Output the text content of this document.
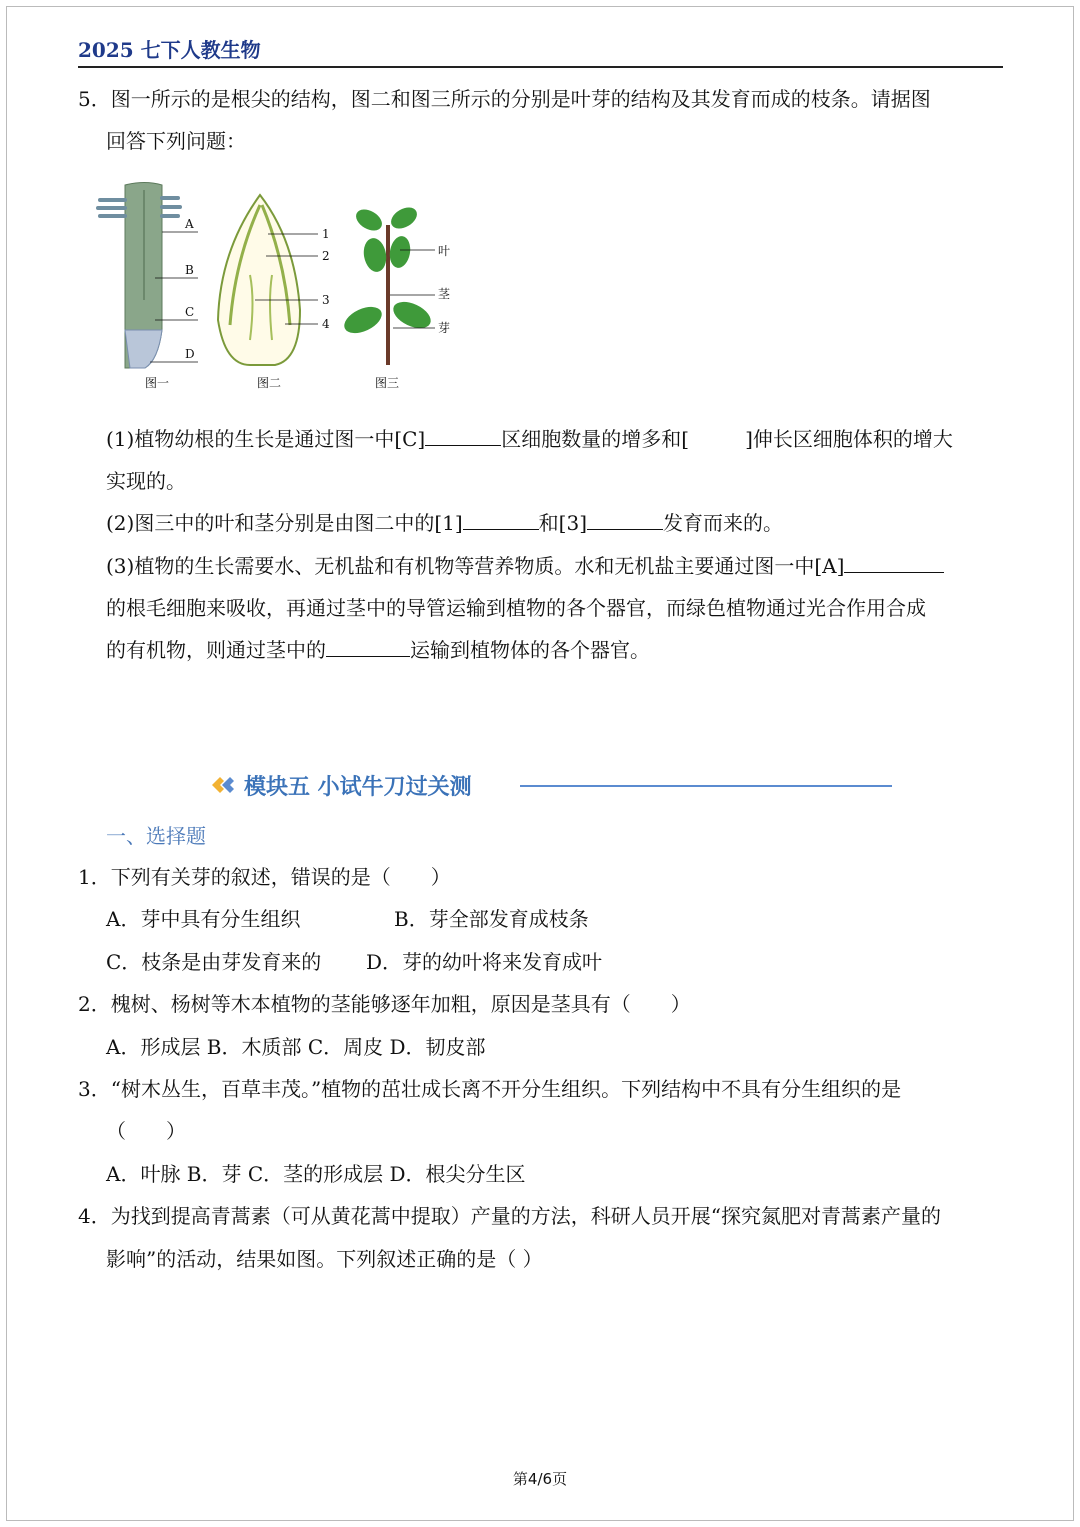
2025 七下人教生物
5．图一所示的是根尖的结构，图二和图三所示的分别是叶芽的结构及其发育而成的枝条。请据图
回答下列问题：
A
B
C
D
图一
1
2
3
4
图二
叶
茎
芽
图三
(1)植物幼根的生长是通过图一中[C]	区细胞数量的增多和[	]伸长区细胞体积的增大
实现的。
(2)图三中的叶和茎分别是由图二中的[1]	和[3]	发育而来的。
(3)植物的生长需要水、无机盐和有机物等营养物质。水和无机盐主要通过图一中[A]
的根毛细胞来吸收，再通过茎中的导管运输到植物的各个器官，而绿色植物通过光合作用合成
的有机物，则通过茎中的	运输到植物体的各个器官。
模块五 小试牛刀过关测
一、选择题
1．下列有关芽的叙述，错误的是（　　）
A．芽中具有分生组织	B．芽全部发育成枝条
C．枝条是由芽发育来的 D．芽的幼叶将来发育成叶
2．槐树、杨树等木本植物的茎能够逐年加粗，原因是茎具有（　　）
A．形成层 B．木质部 C．周皮 D．韧皮部
3．“树木丛生，百草丰茂。”植物的茁壮成长离不开分生组织。下列结构中不具有分生组织的是
（　　）
A．叶脉 B．芽 C．茎的形成层 D．根尖分生区
4．为找到提高青蒿素（可从黄花蒿中提取）产量的方法，科研人员开展“探究氮肥对青蒿素产量的
影响”的活动，结果如图。下列叙述正确的是（ ）
第4/6页
